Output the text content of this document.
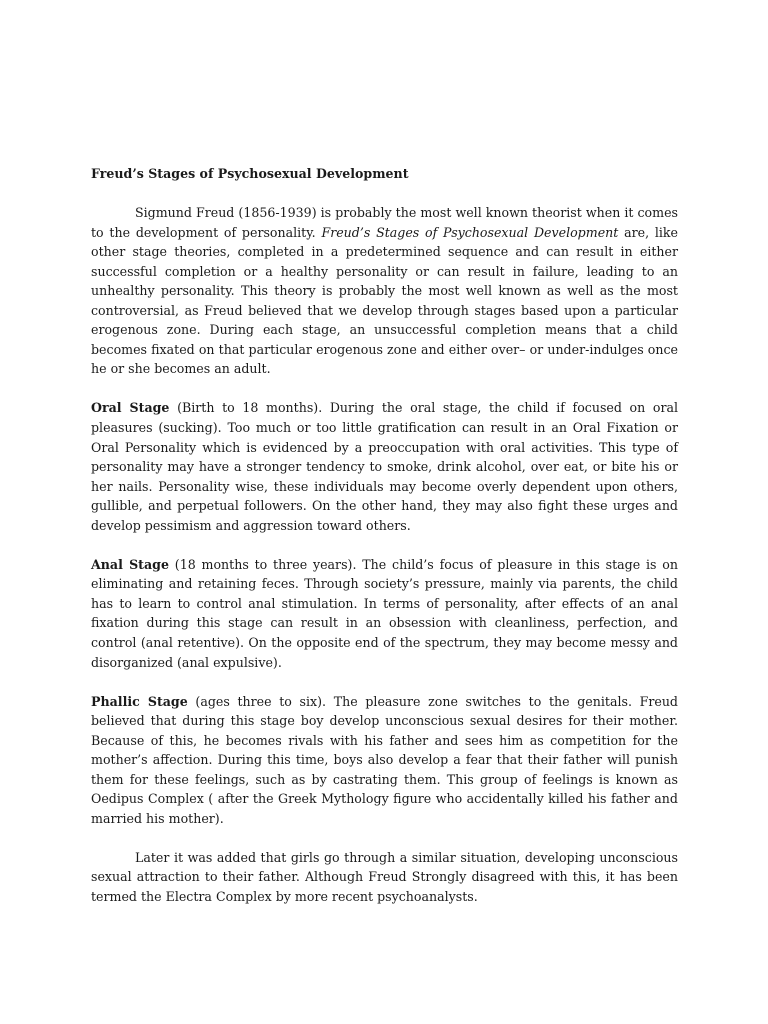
Freud’s Stages of Psychosexual Development

Sigmund Freud (1856-1939) is probably the most well known theorist when it comes to the development of personality. Freud’s Stages of Psychosexual Development are, like other stage theories, completed in a predetermined sequence and can result in either successful completion or a healthy personality or can result in failure, leading to an unhealthy personality. This theory is probably the most well known as well as the most controversial, as Freud believed that we develop through stages based upon a particular erogenous zone. During each stage, an unsuccessful completion means that a child becomes fixated on that particular erogenous zone and either over– or under-indulges once he or she becomes an adult.

Oral Stage (Birth to 18 months). During the oral stage, the child if focused on oral pleasures (sucking). Too much or too little gratification can result in an Oral Fixation or Oral Personality which is evidenced by a preoccupation with oral activities. This type of personality may have a stronger tendency to smoke, drink alcohol, over eat, or bite his or her nails. Personality wise, these individuals may become overly dependent upon others, gullible, and perpetual followers. On the other hand, they may also fight these urges and develop pessimism and aggression toward others.

Anal Stage (18 months to three years). The child’s focus of pleasure in this stage is on eliminating and retaining feces. Through society’s pressure, mainly via parents, the child has to learn to control anal stimulation. In terms of personality, after effects of an anal fixation during this stage can result in an obsession with cleanliness, perfection, and control (anal retentive). On the opposite end of the spectrum, they may become messy and disorganized (anal expulsive).

Phallic Stage (ages three to six). The pleasure zone switches to the genitals. Freud believed that during this stage boy develop unconscious sexual desires for their mother. Because of this, he becomes rivals with his father and sees him as competition for the mother’s affection. During this time, boys also develop a fear that their father will punish them for these feelings, such as by castrating them. This group of feelings is known as Oedipus Complex ( after the Greek Mythology figure who accidentally killed his father and married his mother).

Later it was added that girls go through a similar situation, developing unconscious sexual attraction to their father. Although Freud Strongly disagreed with this, it has been termed the Electra Complex by more recent psychoanalysts.
